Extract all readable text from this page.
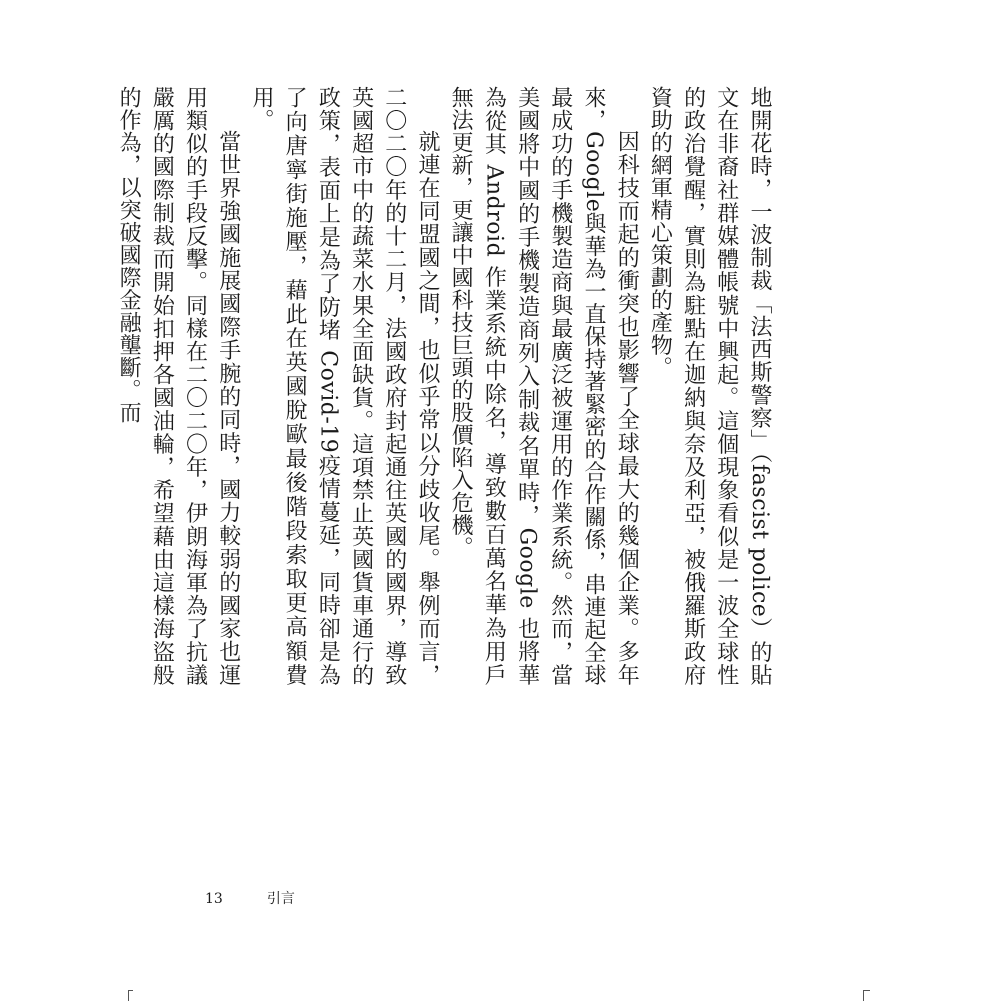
地開花時，一波制裁「法西斯警察」（fascist police）的貼文在非裔社群媒體帳號中興起。這個現象看似是一波全球性的政治覺醒，實則為駐點在迦納與奈及利亞，被俄羅斯政府資助的網軍精心策劃的產物。

因科技而起的衝突也影響了全球最大的幾個企業。多年來，Google與華為一直保持著緊密的合作關係，串連起全球最成功的手機製造商與最廣泛被運用的作業系統。然而，當美國將中國的手機製造商列入制裁名單時，Google 也將華為從其 Android 作業系統中除名，導致數百萬名華為用戶無法更新，更讓中國科技巨頭的股價陷入危機。

就連在同盟國之間，也似乎常以分歧收尾。舉例而言，二〇二〇年的十二月，法國政府封起通往英國的國界，導致英國超市中的蔬菜水果全面缺貨。這項禁止英國貨車通行的政策，表面上是為了防堵 Covid-19疫情蔓延，同時卻是為了向唐寧街施壓，藉此在英國脫歐最後階段索取更高額費用。

當世界強國施展國際手腕的同時，國力較弱的國家也運用類似的手段反擊。同樣在二〇二〇年，伊朗海軍為了抗議嚴厲的國際制裁而開始扣押各國油輪，希望藉由這樣海盜般的作為，以突破國際金融壟斷。而

13	引言
